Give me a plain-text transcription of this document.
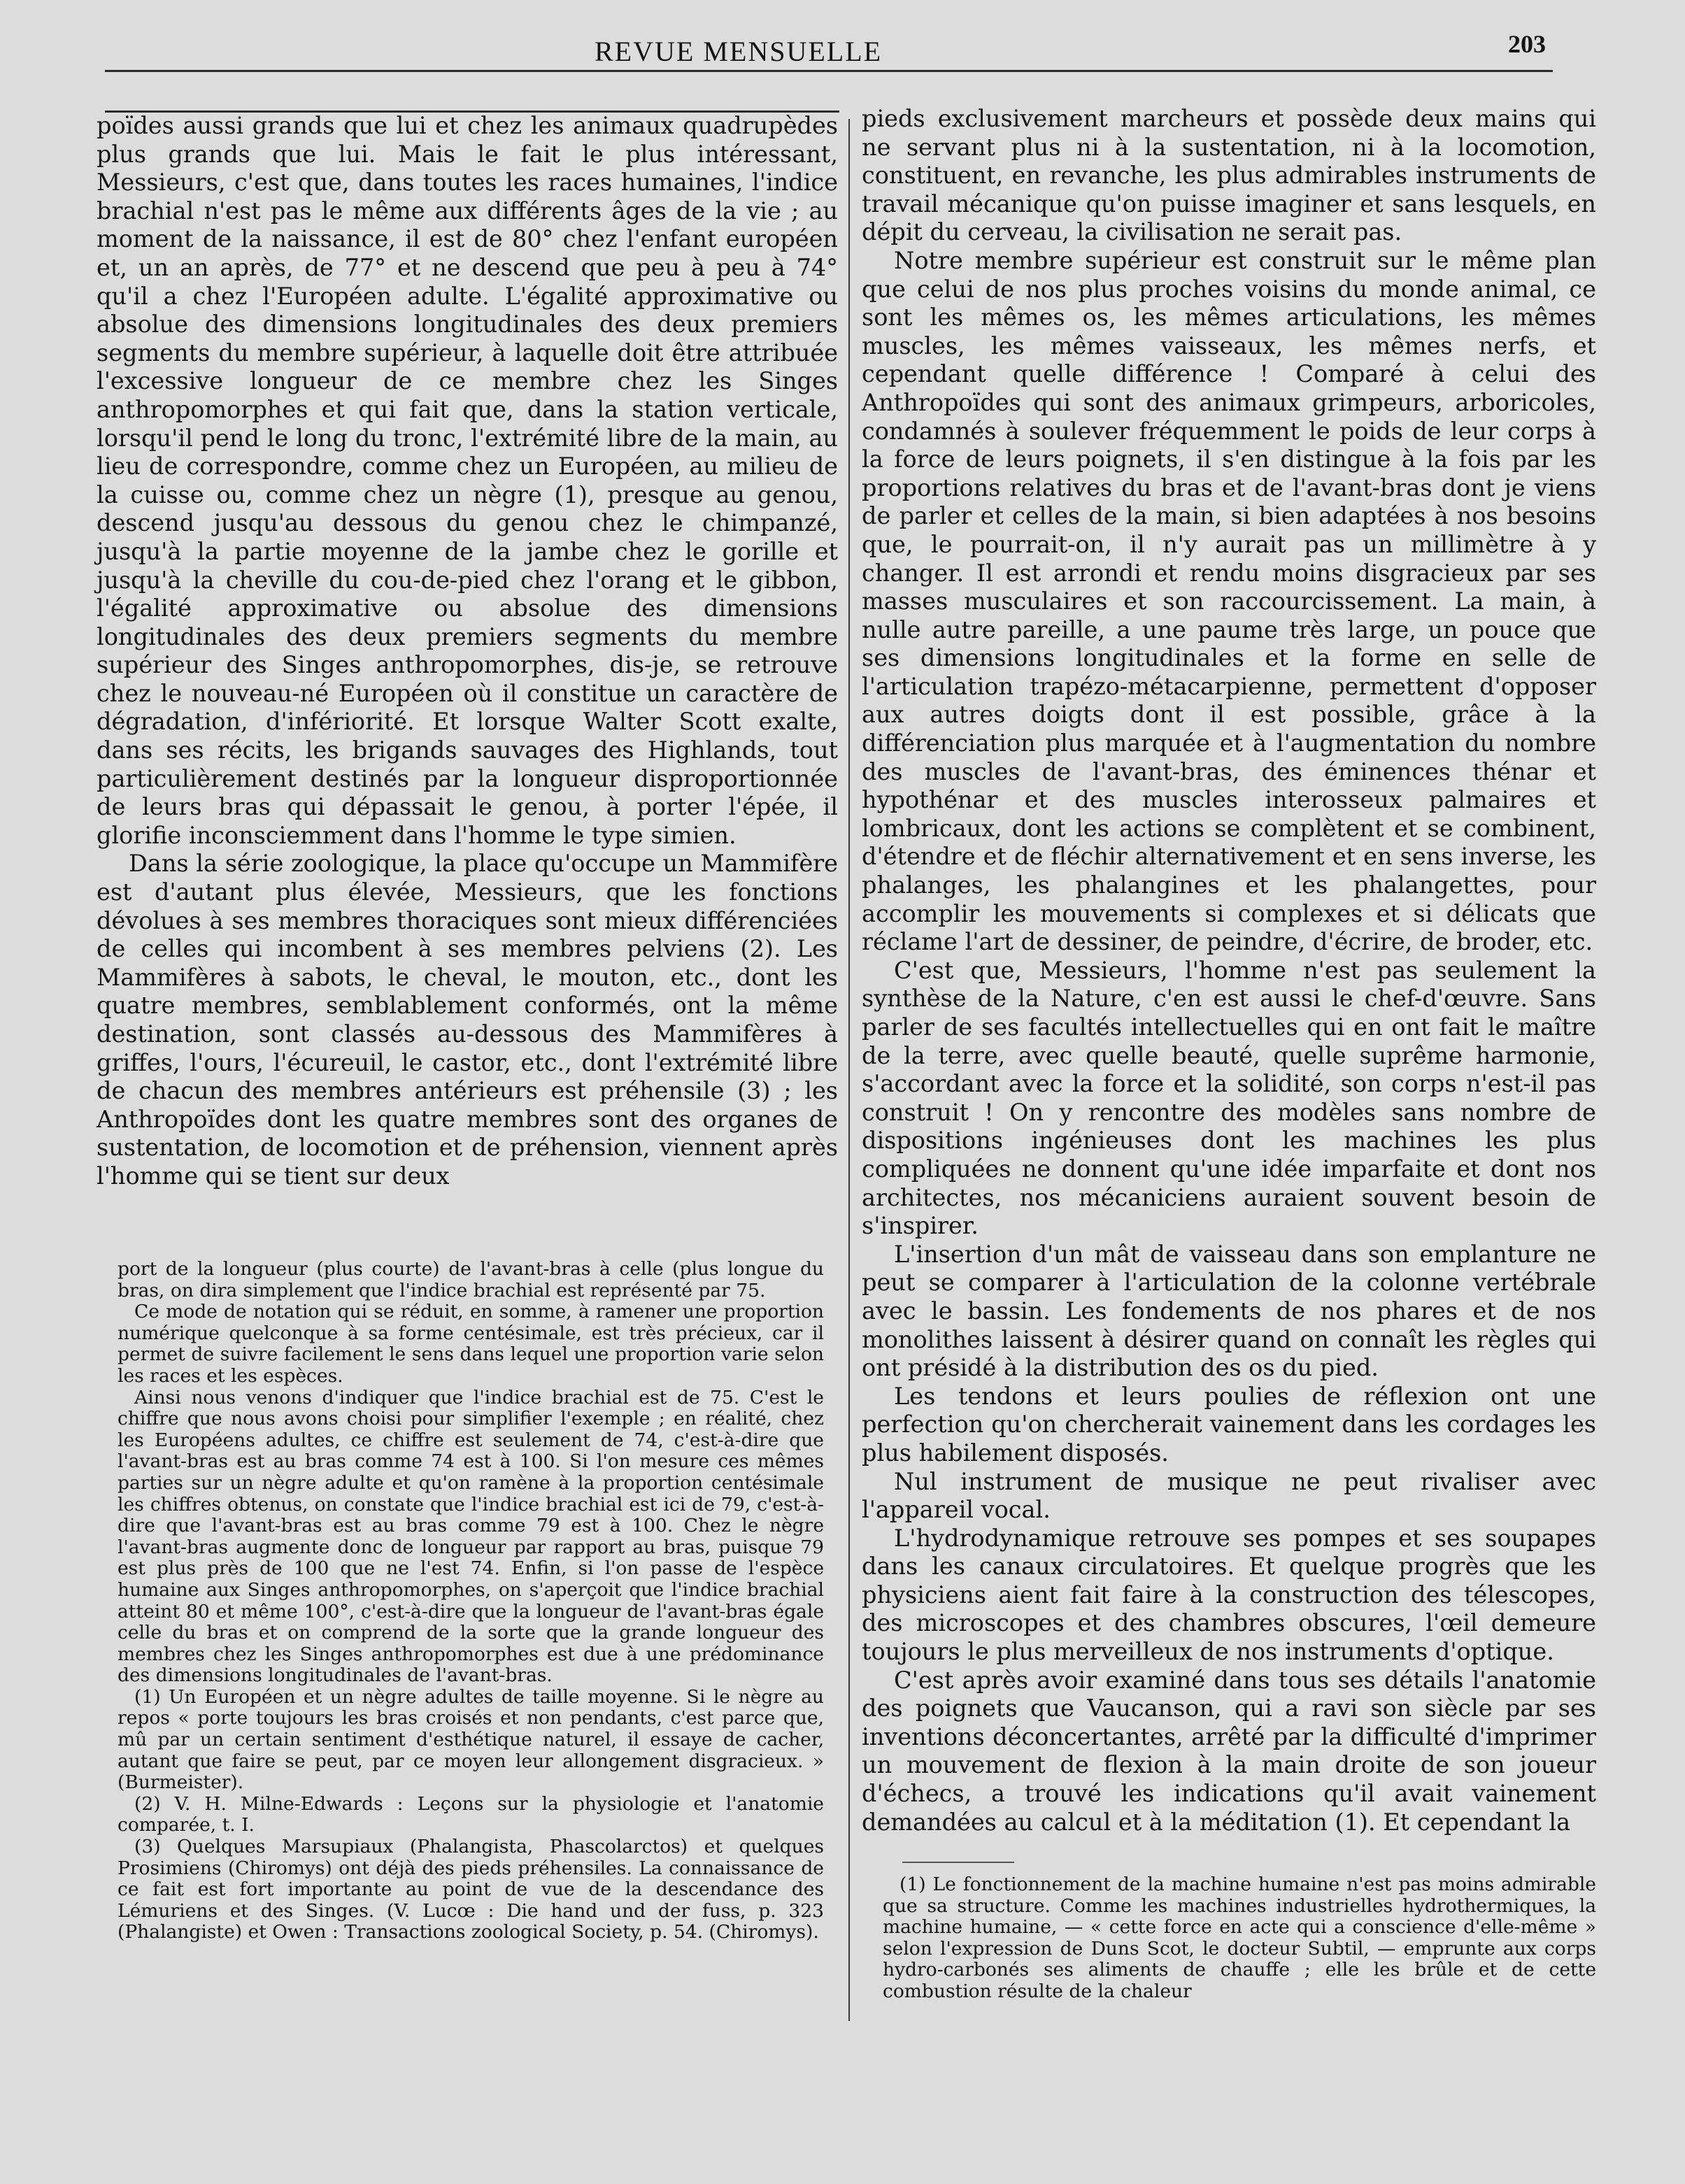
REVUE MENSUELLE	203

poïdes aussi grands que lui et chez les animaux quadrupèdes plus grands que lui. Mais le fait le plus intéressant, Messieurs, c'est que, dans toutes les races humaines, l'indice brachial n'est pas le même aux différents âges de la vie ; au moment de la naissance, il est de 80° chez l'enfant européen et, un an après, de 77° et ne descend que peu à peu à 74° qu'il a chez l'Européen adulte. L'égalité approximative ou absolue des dimensions longitudinales des deux premiers segments du membre supérieur, à laquelle doit être attribuée l'excessive longueur de ce membre chez les Singes anthropomorphes et qui fait que, dans la station verticale, lorsqu'il pend le long du tronc, l'extrémité libre de la main, au lieu de correspondre, comme chez un Européen, au milieu de la cuisse ou, comme chez un nègre (1), presque au genou, descend jusqu'au dessous du genou chez le chimpanzé, jusqu'à la partie moyenne de la jambe chez le gorille et jusqu'à la cheville du cou-de-pied chez l'orang et le gibbon, l'égalité approximative ou absolue des dimensions longitudinales des deux premiers segments du membre supérieur des Singes anthropomorphes, dis-je, se retrouve chez le nouveau-né Européen où il constitue un caractère de dégradation, d'infériorité. Et lorsque Walter Scott exalte, dans ses récits, les brigands sauvages des Highlands, tout particulièrement destinés par la longueur disproportionnée de leurs bras qui dépassait le genou, à porter l'épée, il glorifie inconsciemment dans l'homme le type simien.

Dans la série zoologique, la place qu'occupe un Mammifère est d'autant plus élevée, Messieurs, que les fonctions dévolues à ses membres thoraciques sont mieux différenciées de celles qui incombent à ses membres pelviens (2). Les Mammifères à sabots, le cheval, le mouton, etc., dont les quatre membres, semblablement conformés, ont la même destination, sont classés au-dessous des Mammifères à griffes, l'ours, l'écureuil, le castor, etc., dont l'extrémité libre de chacun des membres antérieurs est préhensile (3) ; les Anthropoïdes dont les quatre membres sont des organes de sustentation, de locomotion et de préhension, viennent après l'homme qui se tient sur deux

port de la longueur (plus courte) de l'avant-bras à celle (plus longue du bras, on dira simplement que l'indice brachial est représenté par 75.

Ce mode de notation qui se réduit, en somme, à ramener une proportion numérique quelconque à sa forme centésimale, est très précieux, car il permet de suivre facilement le sens dans lequel une proportion varie selon les races et les espèces.

Ainsi nous venons d'indiquer que l'indice brachial est de 75. C'est le chiffre que nous avons choisi pour simplifier l'exemple ; en réalité, chez les Européens adultes, ce chiffre est seulement de 74, c'est-à-dire que l'avant-bras est au bras comme 74 est à 100. Si l'on mesure ces mêmes parties sur un nègre adulte et qu'on ramène à la proportion centésimale les chiffres obtenus, on constate que l'indice brachial est ici de 79, c'est-à-dire que l'avant-bras est au bras comme 79 est à 100. Chez le nègre l'avant-bras augmente donc de longueur par rapport au bras, puisque 79 est plus près de 100 que ne l'est 74. Enfin, si l'on passe de l'espèce humaine aux Singes anthropomorphes, on s'aperçoit que l'indice brachial atteint 80 et même 100°, c'est-à-dire que la longueur de l'avant-bras égale celle du bras et on comprend de la sorte que la grande longueur des membres chez les Singes anthropomorphes est due à une prédominance des dimensions longitudinales de l'avant-bras.

(1) Un Européen et un nègre adultes de taille moyenne. Si le nègre au repos « porte toujours les bras croisés et non pendants, c'est parce que, mû par un certain sentiment d'esthétique naturel, il essaye de cacher, autant que faire se peut, par ce moyen leur allongement disgracieux. » (Burmeister).

(2) V. H. Milne-Edwards : Leçons sur la physiologie et l'anatomie comparée, t. I.

(3) Quelques Marsupiaux (Phalangista, Phascolarctos) et quelques Prosimiens (Chiromys) ont déjà des pieds préhensiles. La connaissance de ce fait est fort importante au point de vue de la descendance des Lémuriens et des Singes. (V. Lucœ : Die hand und der fuss, p. 323 (Phalangiste) et Owen : Transactions zoological Society, p. 54. (Chiromys).

pieds exclusivement marcheurs et possède deux mains qui ne servant plus ni à la sustentation, ni à la locomotion, constituent, en revanche, les plus admirables instruments de travail mécanique qu'on puisse imaginer et sans lesquels, en dépit du cerveau, la civilisation ne serait pas.

Notre membre supérieur est construit sur le même plan que celui de nos plus proches voisins du monde animal, ce sont les mêmes os, les mêmes articulations, les mêmes muscles, les mêmes vaisseaux, les mêmes nerfs, et cependant quelle différence ! Comparé à celui des Anthropoïdes qui sont des animaux grimpeurs, arboricoles, condamnés à soulever fréquemment le poids de leur corps à la force de leurs poignets, il s'en distingue à la fois par les proportions relatives du bras et de l'avant-bras dont je viens de parler et celles de la main, si bien adaptées à nos besoins que, le pourrait-on, il n'y aurait pas un millimètre à y changer. Il est arrondi et rendu moins disgracieux par ses masses musculaires et son raccourcissement. La main, à nulle autre pareille, a une paume très large, un pouce que ses dimensions longitudinales et la forme en selle de l'articulation trapézo-métacarpienne, permettent d'opposer aux autres doigts dont il est possible, grâce à la différenciation plus marquée et à l'augmentation du nombre des muscles de l'avant-bras, des éminences thénar et hypothénar et des muscles interosseux palmaires et lombricaux, dont les actions se complètent et se combinent, d'étendre et de fléchir alternativement et en sens inverse, les phalanges, les phalangines et les phalangettes, pour accomplir les mouvements si complexes et si délicats que réclame l'art de dessiner, de peindre, d'écrire, de broder, etc.

C'est que, Messieurs, l'homme n'est pas seulement la synthèse de la Nature, c'en est aussi le chef-d'œuvre. Sans parler de ses facultés intellectuelles qui en ont fait le maître de la terre, avec quelle beauté, quelle suprême harmonie, s'accordant avec la force et la solidité, son corps n'est-il pas construit ! On y rencontre des modèles sans nombre de dispositions ingénieuses dont les machines les plus compliquées ne donnent qu'une idée imparfaite et dont nos architectes, nos mécaniciens auraient souvent besoin de s'inspirer.

L'insertion d'un mât de vaisseau dans son emplanture ne peut se comparer à l'articulation de la colonne vertébrale avec le bassin. Les fondements de nos phares et de nos monolithes laissent à désirer quand on connaît les règles qui ont présidé à la distribution des os du pied.

Les tendons et leurs poulies de réflexion ont une perfection qu'on chercherait vainement dans les cordages les plus habilement disposés.

Nul instrument de musique ne peut rivaliser avec l'appareil vocal.

L'hydrodynamique retrouve ses pompes et ses soupapes dans les canaux circulatoires. Et quelque progrès que les physiciens aient fait faire à la construction des télescopes, des microscopes et des chambres obscures, l'œil demeure toujours le plus merveilleux de nos instruments d'optique.

C'est après avoir examiné dans tous ses détails l'anatomie des poignets que Vaucanson, qui a ravi son siècle par ses inventions déconcertantes, arrêté par la difficulté d'imprimer un mouvement de flexion à la main droite de son joueur d'échecs, a trouvé les indications qu'il avait vainement demandées au calcul et à la méditation (1). Et cependant la

(1) Le fonctionnement de la machine humaine n'est pas moins admirable que sa structure. Comme les machines industrielles hydrothermiques, la machine humaine, — « cette force en acte qui a conscience d'elle-même » selon l'expression de Duns Scot, le docteur Subtil, — emprunte aux corps hydro-carbonés ses aliments de chauffe ; elle les brûle et de cette combustion résulte de la chaleur
